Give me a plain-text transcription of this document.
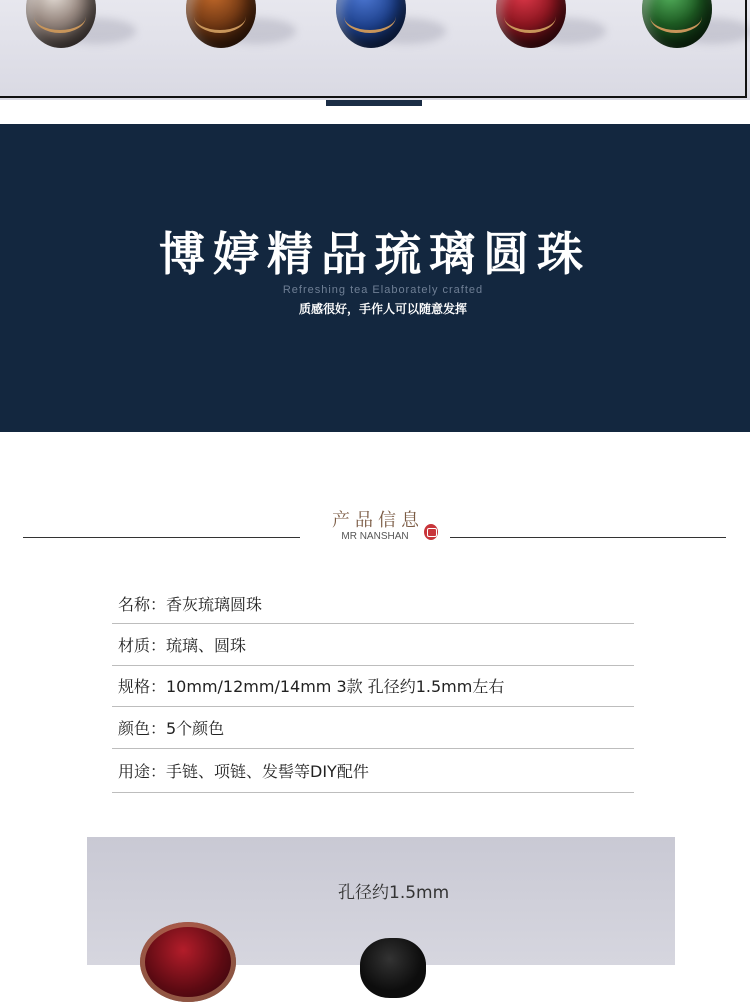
博婷精品琉璃圆珠
Refreshing tea Elaborately crafted
质感很好，手作人可以随意发挥
产品信息
MR NANSHAN
名称：香灰琉璃圆珠
材质：琉璃、圆珠
规格：10mm/12mm/14mm 3款 孔径约1.5mm左右
颜色：5个颜色
用途：手链、项链、发髻等DIY配件
孔径约1.5mm
